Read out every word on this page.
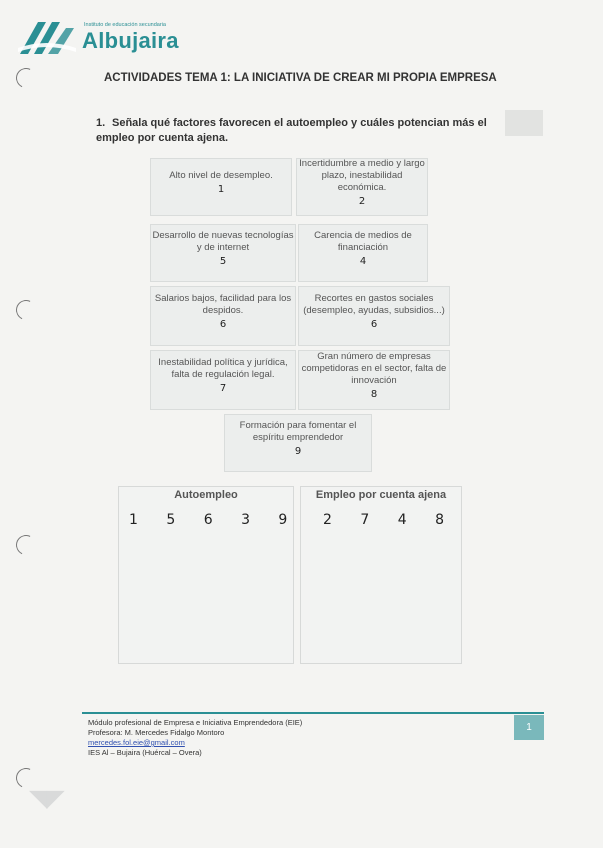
Instituto de educación secundaria
Albujaira
ACTIVIDADES TEMA 1: LA INICIATIVA DE CREAR MI PROPIA EMPRESA
1. Señala qué factores favorecen el autoempleo y cuáles potencian más el empleo por cuenta ajena.
Alto nivel de desempleo.
1
Incertidumbre a medio y largo plazo, inestabilidad económica.
2
Desarrollo de nuevas tecnologías y de internet
5
Carencia de medios de financiación
4
Salarios bajos, facilidad para los despidos.
6
Recortes en gastos sociales (desempleo, ayudas, subsidios...)
6
Inestabilidad política y jurídica, falta de regulación legal.
7
Gran número de empresas competidoras en el sector, falta de innovación
8
Formación para fomentar el espíritu emprendedor
9
Autoempleo
1 5 6 3 9
Empleo por cuenta ajena
2 7 4 8
Módulo profesional de Empresa e Iniciativa Emprendedora (EIE)
Profesora: M. Mercedes Fidalgo Montoro
mercedes.fol.eie@gmail.com
IES Al – Bujaira (Huércal – Overa)
1
◢◣
